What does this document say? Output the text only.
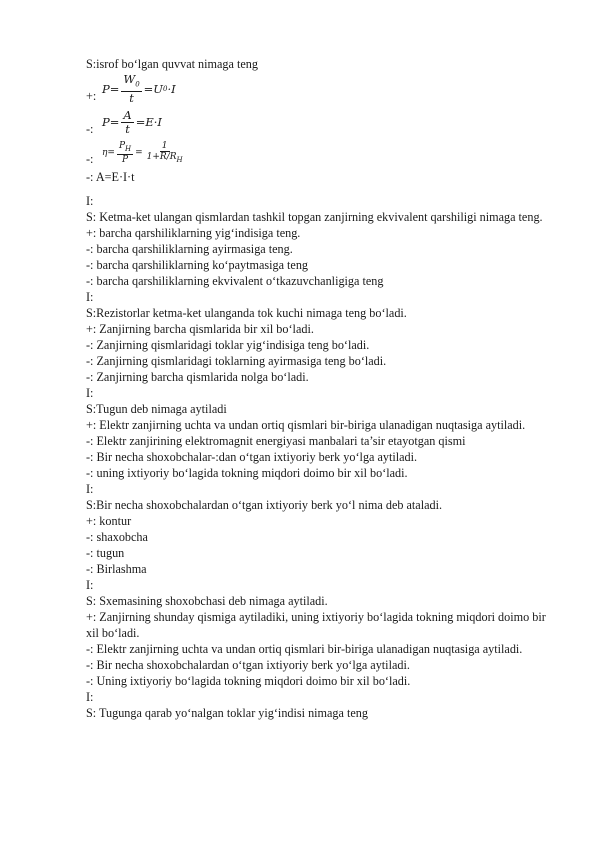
S:isrof bo‘lgan quvvat nimaga teng
+: $P= \frac{W_0}{t} =U$ 0 ·I
-: $P= \frac{A}{t} =E\cdot I$
-: $\eta= \frac{P_H}{P} = \frac{1}{1+R/R_H}$
-: A=E·I·t
I:
S: Ketma-ket ulangan qismlardan tashkil topgan zanjirning ekvivalent qarshiligi nimaga teng.
+: barcha qarshiliklarning yig‘indisiga teng.
-: barcha qarshiliklarning ayirmasiga teng.
-: barcha qarshiliklarning ko‘paytmasiga teng
-: barcha qarshiliklarning ekvivalent o‘tkazuvchanligiga teng
I:
S:Rezistorlar ketma-ket ulanganda tok kuchi nimaga teng bo‘ladi.
+: Zanjirning barcha qismlarida bir xil bo‘ladi.
-: Zanjirning qismlaridagi toklar yig‘indisiga teng bo‘ladi.
-: Zanjirning qismlaridagi toklarning ayirmasiga teng bo‘ladi.
-: Zanjirning barcha qismlarida nolga bo‘ladi.
I:
S:Tugun deb nimaga aytiladi
+: Elektr zanjirning uchta va undan ortiq qismlari bir-biriga ulanadigan nuqtasiga aytiladi.
-: Elektr zanjirining elektromagnit energiyasi manbalari ta’sir etayotgan qismi
-: Bir necha shoxobchalar-:dan o‘tgan ixtiyoriy berk yo‘lga aytiladi.
-: uning ixtiyoriy bo‘lagida tokning miqdori doimo bir xil bo‘ladi.
I:
S:Bir necha shoxobchalardan o‘tgan ixtiyoriy berk yo‘l nima deb ataladi.
+: kontur
-: shaxobcha
-: tugun
-: Birlashma
I:
S: Sxemasining shoxobchasi deb nimaga aytiladi.
+: Zanjirning shunday qismiga aytiladiki, uning ixtiyoriy bo‘lagida tokning miqdori doimo bir xil bo‘ladi.
-: Elektr zanjirning uchta va undan ortiq qismlari bir-biriga ulanadigan nuqtasiga aytiladi.
-: Bir necha shoxobchalardan o‘tgan ixtiyoriy berk yo‘lga aytiladi.
-: Uning ixtiyoriy bo‘lagida tokning miqdori doimo bir xil bo‘ladi.
I:
S: Tugunga qarab yo‘nalgan toklar yig‘indisi nimaga teng
